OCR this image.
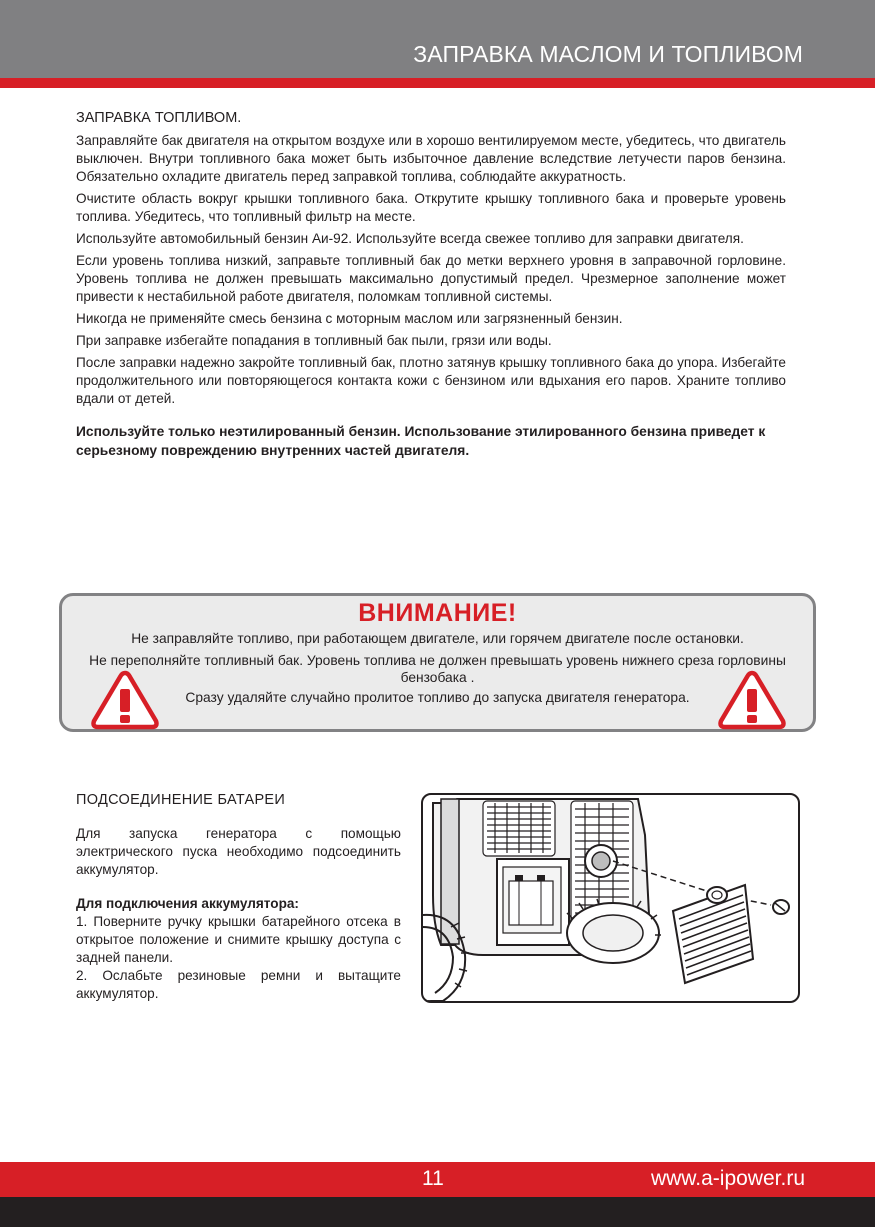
ЗАПРАВКА МАСЛОМ И ТОПЛИВОМ
ЗАПРАВКА ТОПЛИВОМ.

Заправляйте бак двигателя на открытом воздухе или в хорошо вентилируемом месте, убедитесь, что двигатель выключен. Внутри топливного бака может быть избыточное давление вследствие летучести паров бензина. Обязательно охладите двигатель перед заправкой топлива, соблюдайте аккуратность.

Очистите область вокруг крышки топливного бака. Открутите крышку топливного бака и проверьте уровень топлива. Убедитесь, что топливный фильтр на месте.

Используйте автомобильный бензин Аи-92. Используйте всегда свежее топливо для заправки двигателя.

Если уровень топлива низкий, заправьте топливный бак до метки верхнего уровня в заправочной горловине. Уровень топлива не должен превышать максимально допустимый предел. Чрезмерное заполнение может привести к нестабильной работе двигателя, поломкам топливной системы.

Никогда не применяйте смесь бензина с моторным маслом или загрязненный бензин.

При заправке избегайте попадания в топливный бак пыли, грязи или воды.

После заправки надежно закройте топливный бак, плотно затянув крышку топливного бака до упора. Избегайте продолжительного или повторяющегося контакта кожи с бензином или вдыхания его паров. Храните топливо вдали от детей.

Используйте только неэтилированный бензин. Использование этилированного бензина приведет к серьезному повреждению внутренних частей двигателя.

ВНИМАНИЕ!
Не заправляйте топливо, при работающем двигателе, или горячем двигателе после остановки.
Не переполняйте топливный бак. Уровень топлива не должен превышать уровень нижнего среза горловины бензобака .
Сразу удаляйте случайно пролитое топливо до запуска двигателя генератора.
ПОДСОЕДИНЕНИЕ БАТАРЕИ

Для запуска генератора с помощью электрического пуска необходимо подсоединить аккумулятор.

Для подключения аккумулятора:

1. Поверните ручку крышки батарейного отсека в открытое положение и снимите крышку доступа с задней панели.

2. Ослабьте резиновые ремни и вытащите аккумулятор.

11	www.a-ipower.ru
